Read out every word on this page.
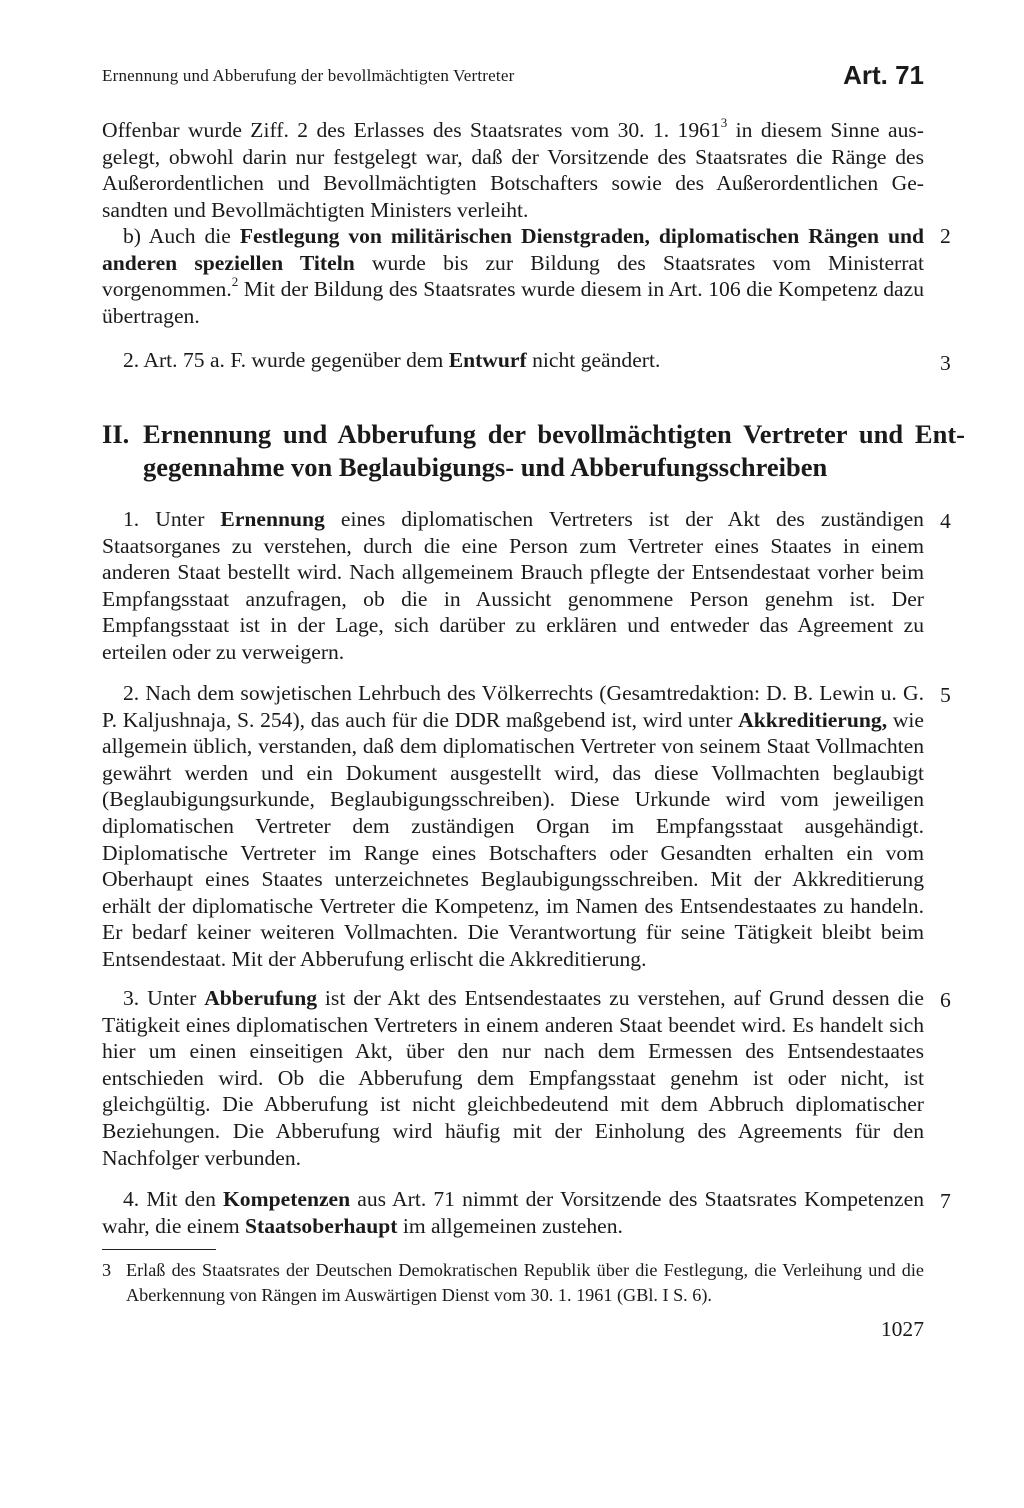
Ernennung und Abberufung der bevollmächtigten Vertreter	Art. 71
Offenbar wurde Ziff. 2 des Erlasses des Staatsrates vom 30. 1. 1961$^3$ in diesem Sinne ausgelegt, obwohl darin nur festgelegt war, daß der Vorsitzende des Staatsrates die Ränge des Außerordentlichen und Bevollmächtigten Botschafters sowie des Außerordentlichen Gesandten und Bevollmächtigten Ministers verleiht.
b) Auch die Festlegung von militärischen Dienstgraden, diplomatischen Rängen und anderen speziellen Titeln wurde bis zur Bildung des Staatsrates vom Ministerrat vorgenommen.$^2$ Mit der Bildung des Staatsrates wurde diesem in Art. 106 die Kompetenz dazu übertragen.
2
2. Art. 75 a. F. wurde gegenüber dem Entwurf nicht geändert.	3
II. Ernennung und Abberufung der bevollmächtigten Vertreter und Entgegennahme von Beglaubigungs- und Abberufungsschreiben
1. Unter Ernennung eines diplomatischen Vertreters ist der Akt des zuständigen Staatsorganes zu verstehen, durch die eine Person zum Vertreter eines Staates in einem anderen Staat bestellt wird. Nach allgemeinem Brauch pflegte der Entsendestaat vorher beim Empfangsstaat anzufragen, ob die in Aussicht genommene Person genehm ist. Der Empfangsstaat ist in der Lage, sich darüber zu erklären und entweder das Agreement zu erteilen oder zu verweigern.
4
2. Nach dem sowjetischen Lehrbuch des Völkerrechts (Gesamtredaktion: D. B. Lewin u. G. P. Kaljushnaja, S. 254), das auch für die DDR maßgebend ist, wird unter Akkreditierung, wie allgemein üblich, verstanden, daß dem diplomatischen Vertreter von seinem Staat Vollmachten gewährt werden und ein Dokument ausgestellt wird, das diese Vollmachten beglaubigt (Beglaubigungsurkunde, Beglaubigungsschreiben). Diese Urkunde wird vom jeweiligen diplomatischen Vertreter dem zuständigen Organ im Empfangsstaat ausgehändigt. Diplomatische Vertreter im Range eines Botschafters oder Gesandten erhalten ein vom Oberhaupt eines Staates unterzeichnetes Beglaubigungsschreiben. Mit der Akkreditierung erhält der diplomatische Vertreter die Kompetenz, im Namen des Entsendestaates zu handeln. Er bedarf keiner weiteren Vollmachten. Die Verantwortung für seine Tätigkeit bleibt beim Entsendestaat. Mit der Abberufung erlischt die Akkreditierung.
5
3. Unter Abberufung ist der Akt des Entsendestaates zu verstehen, auf Grund dessen die Tätigkeit eines diplomatischen Vertreters in einem anderen Staat beendet wird. Es handelt sich hier um einen einseitigen Akt, über den nur nach dem Ermessen des Entsendestaates entschieden wird. Ob die Abberufung dem Empfangsstaat genehm ist oder nicht, ist gleichgültig. Die Abberufung ist nicht gleichbedeutend mit dem Abbruch diplomatischer Beziehungen. Die Abberufung wird häufig mit der Einholung des Agreements für den Nachfolger verbunden.
6
4. Mit den Kompetenzen aus Art. 71 nimmt der Vorsitzende des Staatsrates Kompetenzen wahr, die einem Staatsoberhaupt im allgemeinen zustehen.
7
3 Erlaß des Staatsrates der Deutschen Demokratischen Republik über die Festlegung, die Verleihung und die Aberkennung von Rängen im Auswärtigen Dienst vom 30. 1. 1961 (GBl. I S. 6).
1027
